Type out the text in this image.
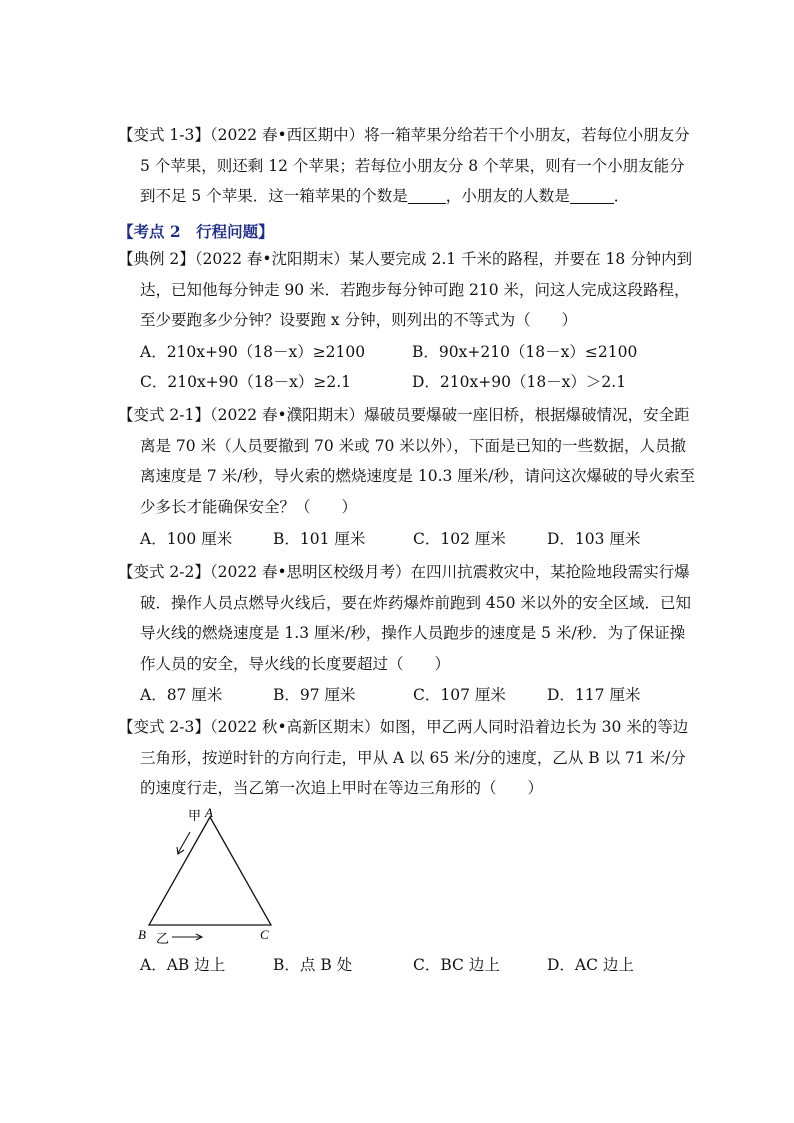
【变式 1-3】（2022 春•西区期中）将一箱苹果分给若干个小朋友，若每位小朋友分 5 个苹果，则还剩 12 个苹果；若每位小朋友分 8 个苹果，则有一个小朋友能分到不足 5 个苹果．这一箱苹果的个数是 ，小朋友的人数是	．

【考点 2　行程问题】

【典例 2】（2022 春•沈阳期末）某人要完成 2.1 千米的路程，并要在 18 分钟内到达，已知他每分钟走 90 米．若跑步每分钟可跑 210 米，问这人完成这段路程，至少要跑多少分钟？设要跑 x 分钟，则列出的不等式为（　　）

A．210x+90（18－x）≥2100	B．90x+210（18－x）≤2100
C．210x+90（18－x）≥2.1	D．210x+90（18－x）＞2.1

【变式 2-1】（2022 春•濮阳期末）爆破员要爆破一座旧桥，根据爆破情况，安全距离是 70 米（人员要撤到 70 米或 70 米以外），下面是已知的一些数据，人员撤离速度是 7 米/秒，导火索的燃烧速度是 10.3 厘米/秒，请问这次爆破的导火索至少多长才能确保安全？（　　）

A．100 厘米	B．101 厘米	C．102 厘米	D．103 厘米

【变式 2-2】（2022 春•思明区校级月考）在四川抗震救灾中，某抢险地段需实行爆破．操作人员点燃导火线后，要在炸药爆炸前跑到 450 米以外的安全区域．已知导火线的燃烧速度是 1.3 厘米/秒，操作人员跑步的速度是 5 米/秒．为了保证操作人员的安全，导火线的长度要超过（　　）

A．87 厘米	B．97 厘米	C．107 厘米	D．117 厘米

【变式 2-3】（2022 秋•高新区期末）如图，甲乙两人同时沿着边长为 30 米的等边三角形，按逆时针的方向行走，甲从 A 以 65 米/分的速度，乙从 B 以 71 米/分的速度行走，当乙第一次追上甲时在等边三角形的（　　）

甲 A
B	C
乙
A．AB 边上	B．点 B 处	C．BC 边上	D．AC 边上
